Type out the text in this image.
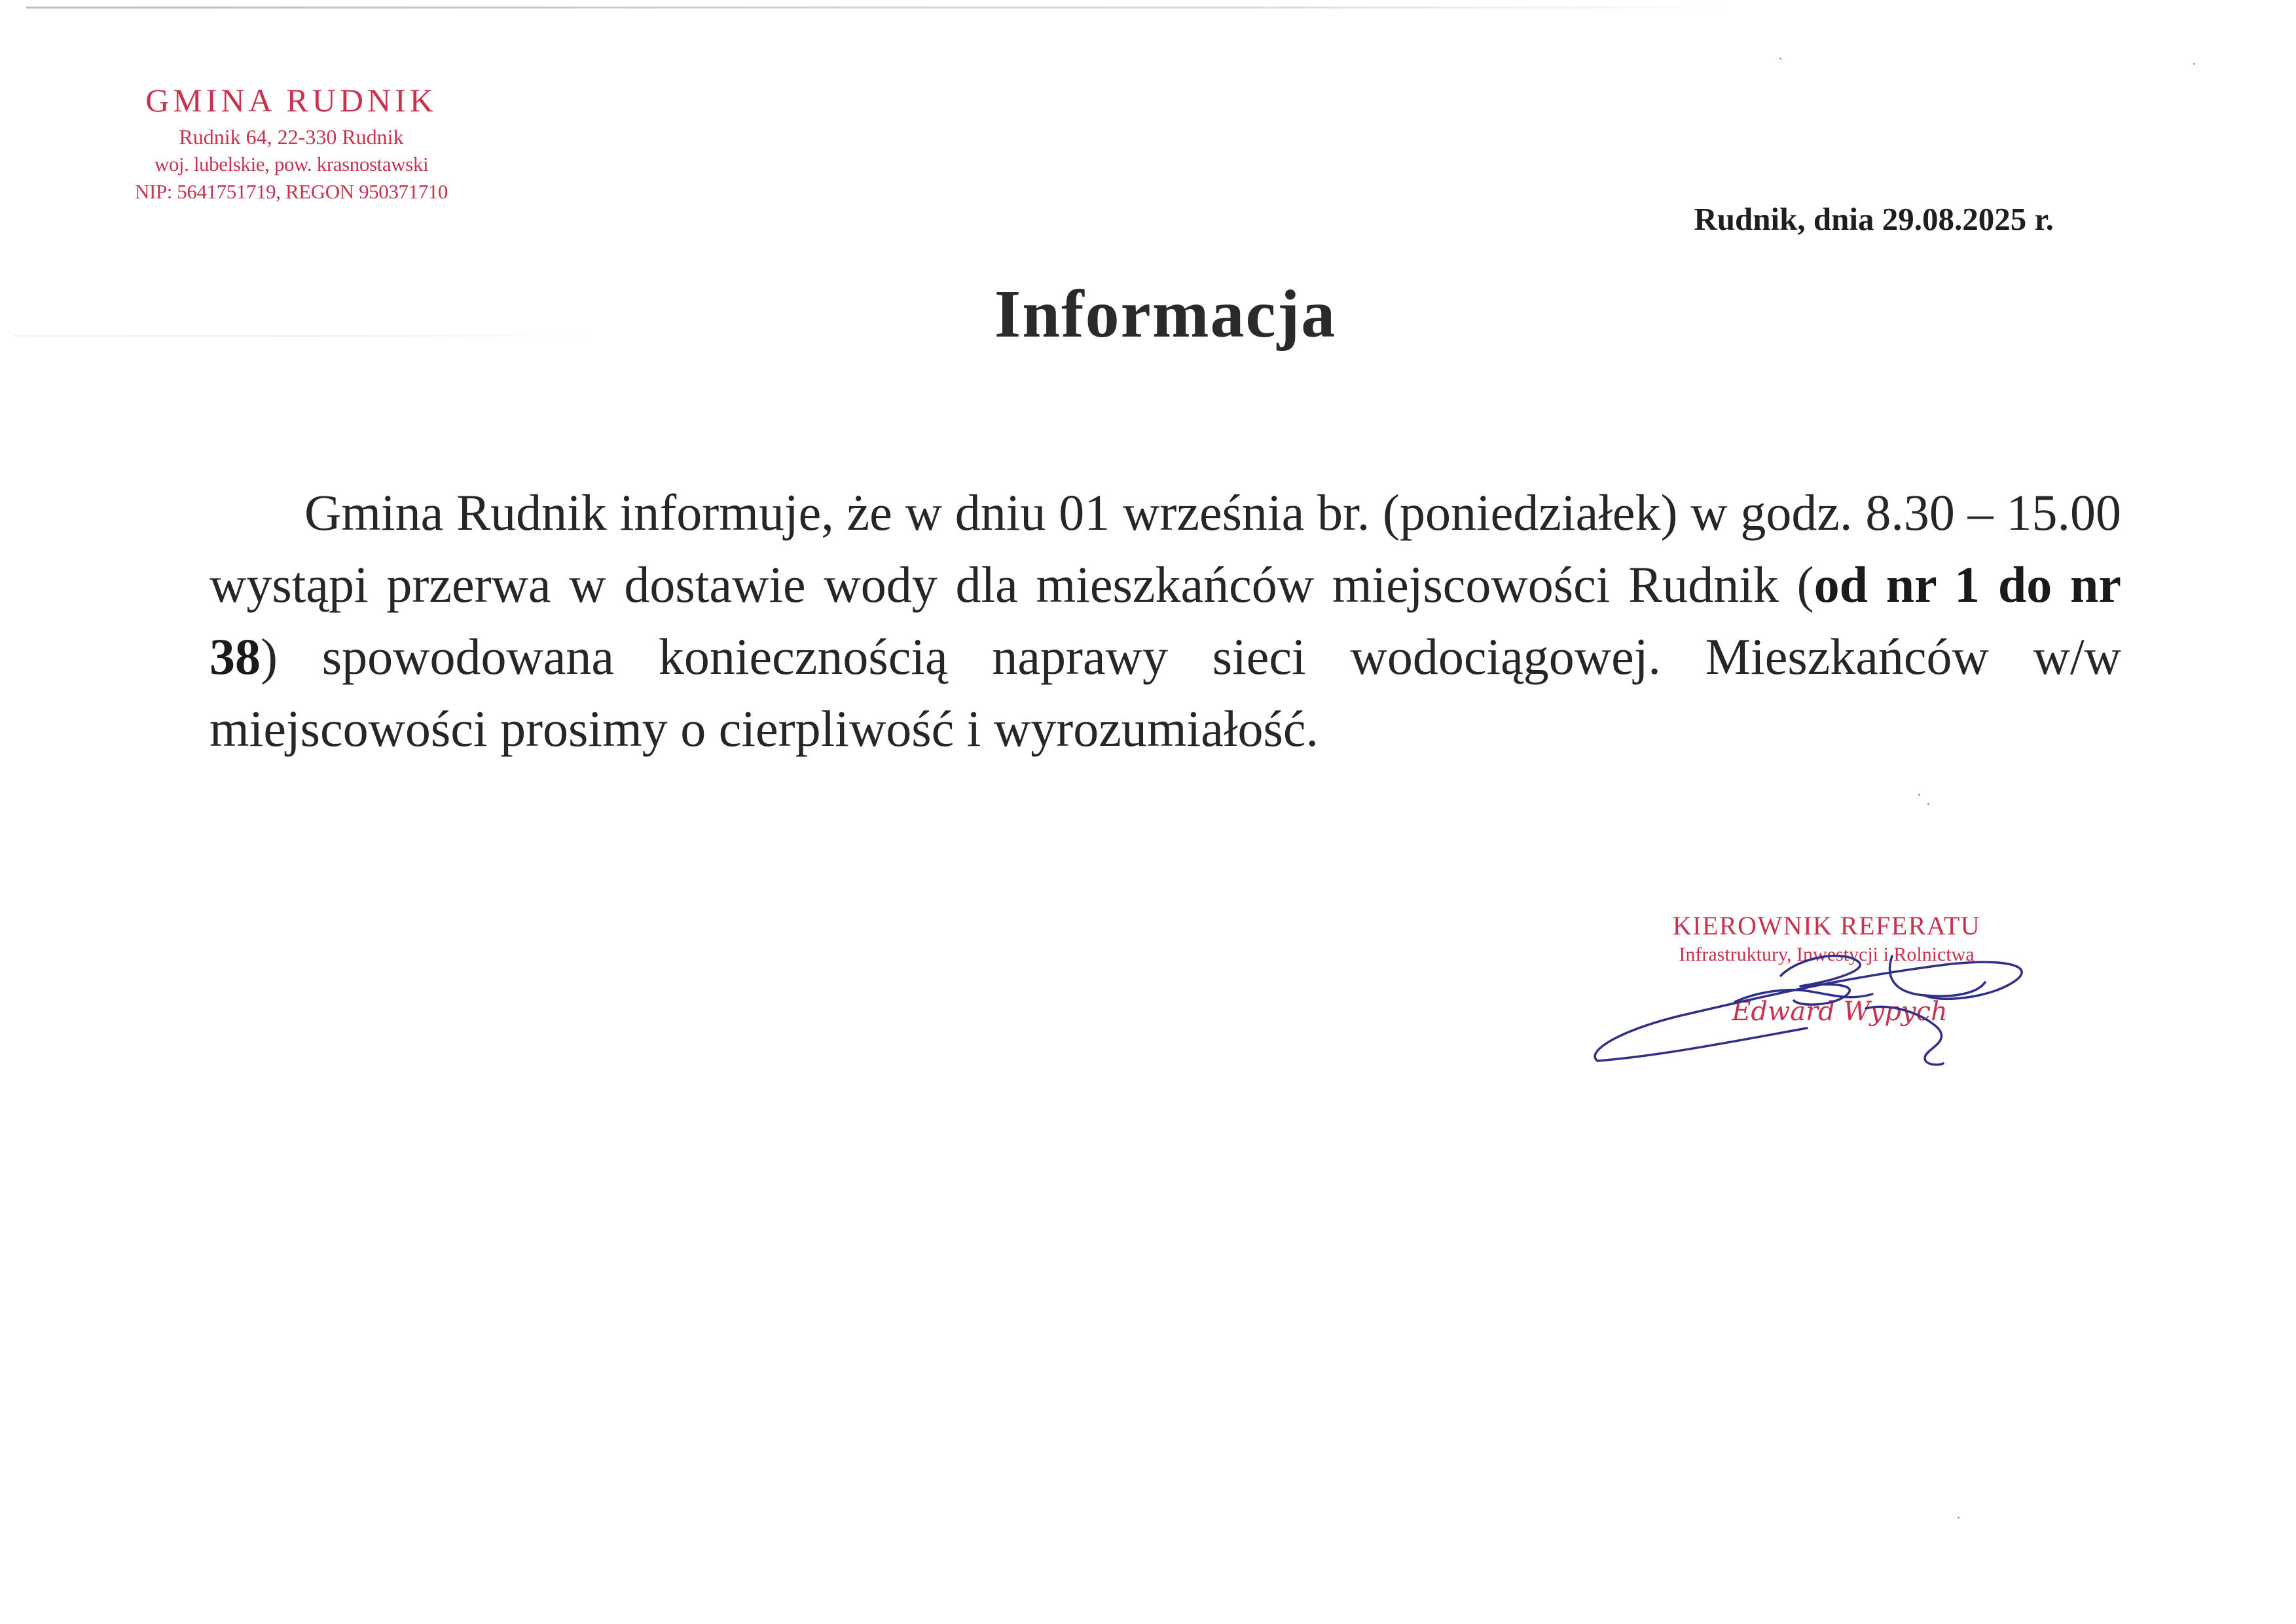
GMINA RUDNIK
Rudnik 64, 22-330 Rudnik
woj. lubelskie, pow. krasnostawski
NIP: 5641751719, REGON 950371710
Rudnik, dnia 29.08.2025 r.
Informacja
Gmina Rudnik informuje, że w dniu 01 września br. (poniedziałek) w godz. 8.30 – 15.00 wystąpi przerwa w dostawie wody dla mieszkańców miejscowości Rudnik (od nr 1 do nr 38) spowodowana koniecznością naprawy sieci wodociągowej. Mieszkańców w/w miejscowości prosimy o cierpliwość i wyrozumiałość.
KIEROWNIK REFERATU
Infrastruktury, Inwestycji i Rolnictwa
Edward Wypych
